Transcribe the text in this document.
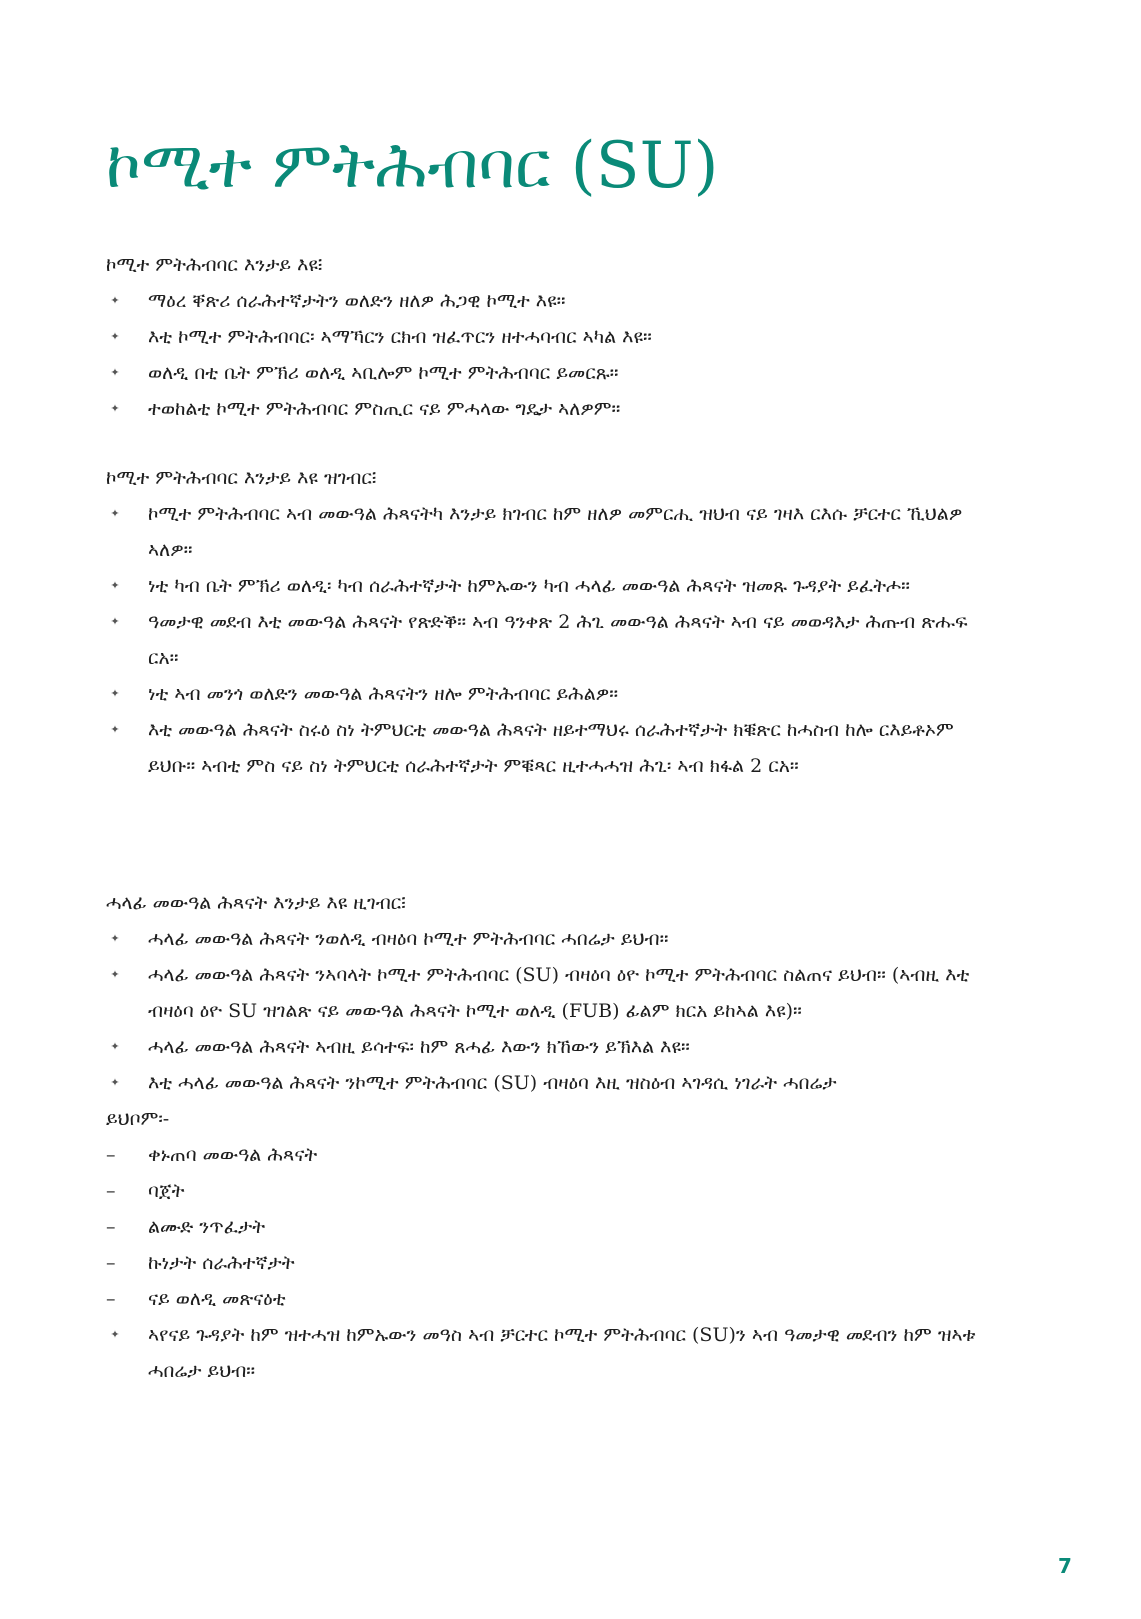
ኮሚተ ምትሕብባር (SU)

ኮሚተ ምትሕብባር እንታይ እዩ፧

✦ ማዕረ ቐጽሪ ሰራሕተኛታትን ወለድን ዘለዎ ሕጋዊ ኮሚተ እዩ።
✦ እቲ ኮሚተ ምትሕብባር፡ ኣማኻርን ርክብ ዝፈጥርን ዘተሓባብር ኣካል እዩ።
✦ ወለዲ በቲ ቤት ምኽሪ ወለዲ ኣቢሎም ኮሚተ ምትሕብባር ይመርጹ።
✦ ተወከልቲ ኮሚተ ምትሕብባር ምስጢር ናይ ምሓላው ግዴታ ኣለዎም።

ኮሚተ ምትሕብባር እንታይ እዩ ዝገብር፧

✦ ኮሚተ ምትሕብባር ኣብ መውዓል ሕጻናትካ እንታይ ክገብር ከም ዘለዎ መምርሒ ዝህብ ናይ ገዛእ ርእሱ ቻርተር ኺህልዎ ኣለዎ።
✦ ነቲ ካብ ቤት ምኽሪ ወለዲ፡ ካብ ሰራሕተኛታት ከምኡውን ካብ ሓላፊ መውዓል ሕጻናት ዝመጹ ጉዳያት ይፈትሖ።
✦ ዓመታዊ መደብ እቲ መውዓል ሕጻናት የጽድቕ። ኣብ ዓንቀጽ 2 ሕጊ መውዓል ሕጻናት ኣብ ናይ መወዳእታ ሕጡብ ጽሑፍ ርአ።
✦ ነቲ ኣብ መንጎ ወለድን መውዓል ሕጻናትን ዘሎ ምትሕብባር ይሕልዎ።
✦ እቲ መውዓል ሕጻናት ስሩዕ ስነ ትምህርቲ መውዓል ሕጻናት ዘይተማህሩ ሰራሕተኛታት ክቑጽር ከሓስብ ከሎ ርእይቶኦም ይህቡ። ኣብቲ ምስ ናይ ስነ ትምህርቲ ሰራሕተኛታት ምቑጻር ዚተሓሓዝ ሕጊ፡ ኣብ ክፋል 2 ርአ።

ሓላፊ መውዓል ሕጻናት እንታይ እዩ ዚገብር፧

✦ ሓላፊ መውዓል ሕጻናት ንወለዲ ብዛዕባ ኮሚተ ምትሕብባር ሓበሬታ ይህብ።
✦ ሓላፊ መውዓል ሕጻናት ንኣባላት ኮሚተ ምትሕብባር (SU) ብዛዕባ ዕዮ ኮሚተ ምትሕብባር ስልጠና ይህብ። (ኣብዚ እቲ ብዛዕባ ዕዮ SU ዝገልጽ ናይ መውዓል ሕጻናት ኮሚተ ወለዲ (FUB) ፊልም ክርአ ይከኣል እዩ)።
✦ ሓላፊ መውዓል ሕጻናት ኣብዚ ይሳተፍ፡ ከም ጸሓፊ እውን ክኸውን ይኽእል እዩ።
✦ እቲ ሓላፊ መውዓል ሕጻናት ንኮሚተ ምትሕብባር (SU) ብዛዕባ እዚ ዝስዕብ ኣገዳሲ ነገራት ሓበሬታ

ይህቦም፡-

– ቀኑጠባ መውዓል ሕጻናት
– ባጀት
– ልሙድ ንጥፈታት
– ኩነታት ሰራሕተኛታት
– ናይ ወለዲ መጽናዕቲ
✦ ኣየናይ ጉዳያት ከም ዝተሓዝ ከምኡውን መዓስ ኣብ ቻርተር ኮሚተ ምትሕብባር (SU)ን ኣብ ዓመታዊ መደብን ከም ዝኣቱ ሓበሬታ ይህብ።
7
